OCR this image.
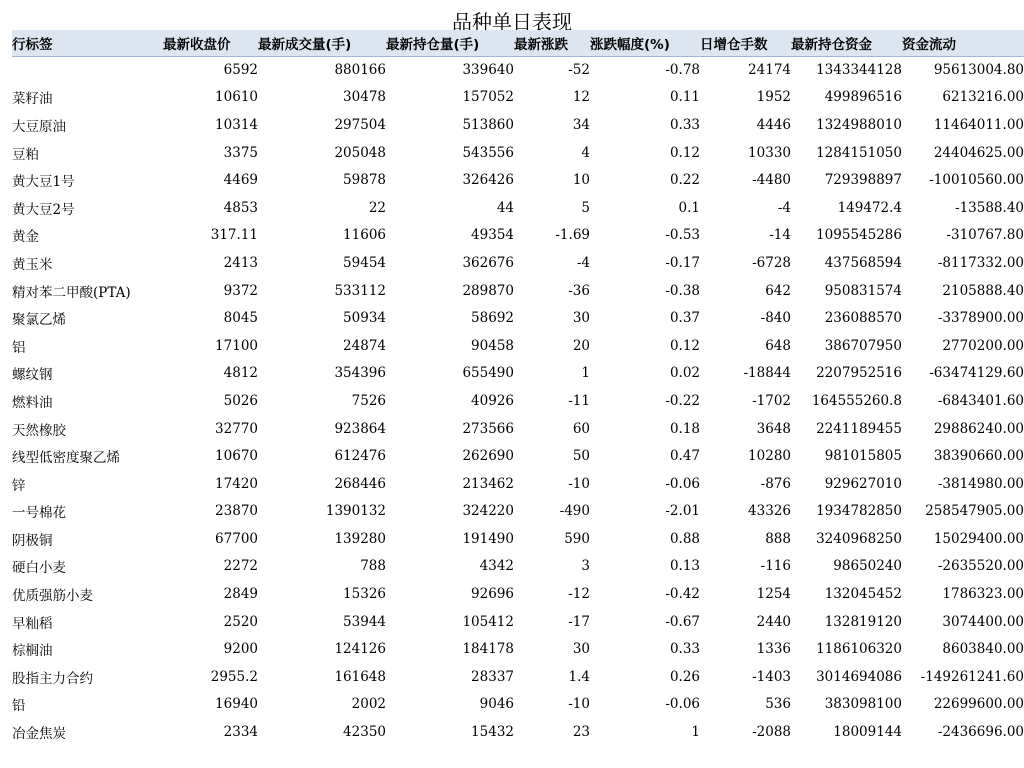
品种单日表现
行标签	最新收盘价	最新成交量(手)	最新持仓量(手)	最新涨跌	涨跌幅度(%)	日增仓手数	最新持仓资金	资金流动
	6592	880166	339640	-52	-0.78	24174	1343344128	95613004.80
菜籽油	10610	30478	157052	12	0.11	1952	499896516	6213216.00
大豆原油	10314	297504	513860	34	0.33	4446	1324988010	11464011.00
豆粕	3375	205048	543556	4	0.12	10330	1284151050	24404625.00
黄大豆1号	4469	59878	326426	10	0.22	-4480	729398897	-10010560.00
黄大豆2号	4853	22	44	5	0.1	-4	149472.4	-13588.40
黄金	317.11	11606	49354	-1.69	-0.53	-14	1095545286	-310767.80
黄玉米	2413	59454	362676	-4	-0.17	-6728	437568594	-8117332.00
精对苯二甲酸(PTA)	9372	533112	289870	-36	-0.38	642	950831574	2105888.40
聚氯乙烯	8045	50934	58692	30	0.37	-840	236088570	-3378900.00
铝	17100	24874	90458	20	0.12	648	386707950	2770200.00
螺纹钢	4812	354396	655490	1	0.02	-18844	2207952516	-63474129.60
燃料油	5026	7526	40926	-11	-0.22	-1702	164555260.8	-6843401.60
天然橡胶	32770	923864	273566	60	0.18	3648	2241189455	29886240.00
线型低密度聚乙烯	10670	612476	262690	50	0.47	10280	981015805	38390660.00
锌	17420	268446	213462	-10	-0.06	-876	929627010	-3814980.00
一号棉花	23870	1390132	324220	-490	-2.01	43326	1934782850	258547905.00
阴极铜	67700	139280	191490	590	0.88	888	3240968250	15029400.00
硬白小麦	2272	788	4342	3	0.13	-116	98650240	-2635520.00
优质强筋小麦	2849	15326	92696	-12	-0.42	1254	132045452	1786323.00
早籼稻	2520	53944	105412	-17	-0.67	2440	132819120	3074400.00
棕榈油	9200	124126	184178	30	0.33	1336	1186106320	8603840.00
股指主力合约	2955.2	161648	28337	1.4	0.26	-1403	3014694086	-149261241.60
铅	16940	2002	9046	-10	-0.06	536	383098100	22699600.00
冶金焦炭	2334	42350	15432	23	1	-2088	18009144	-2436696.00
